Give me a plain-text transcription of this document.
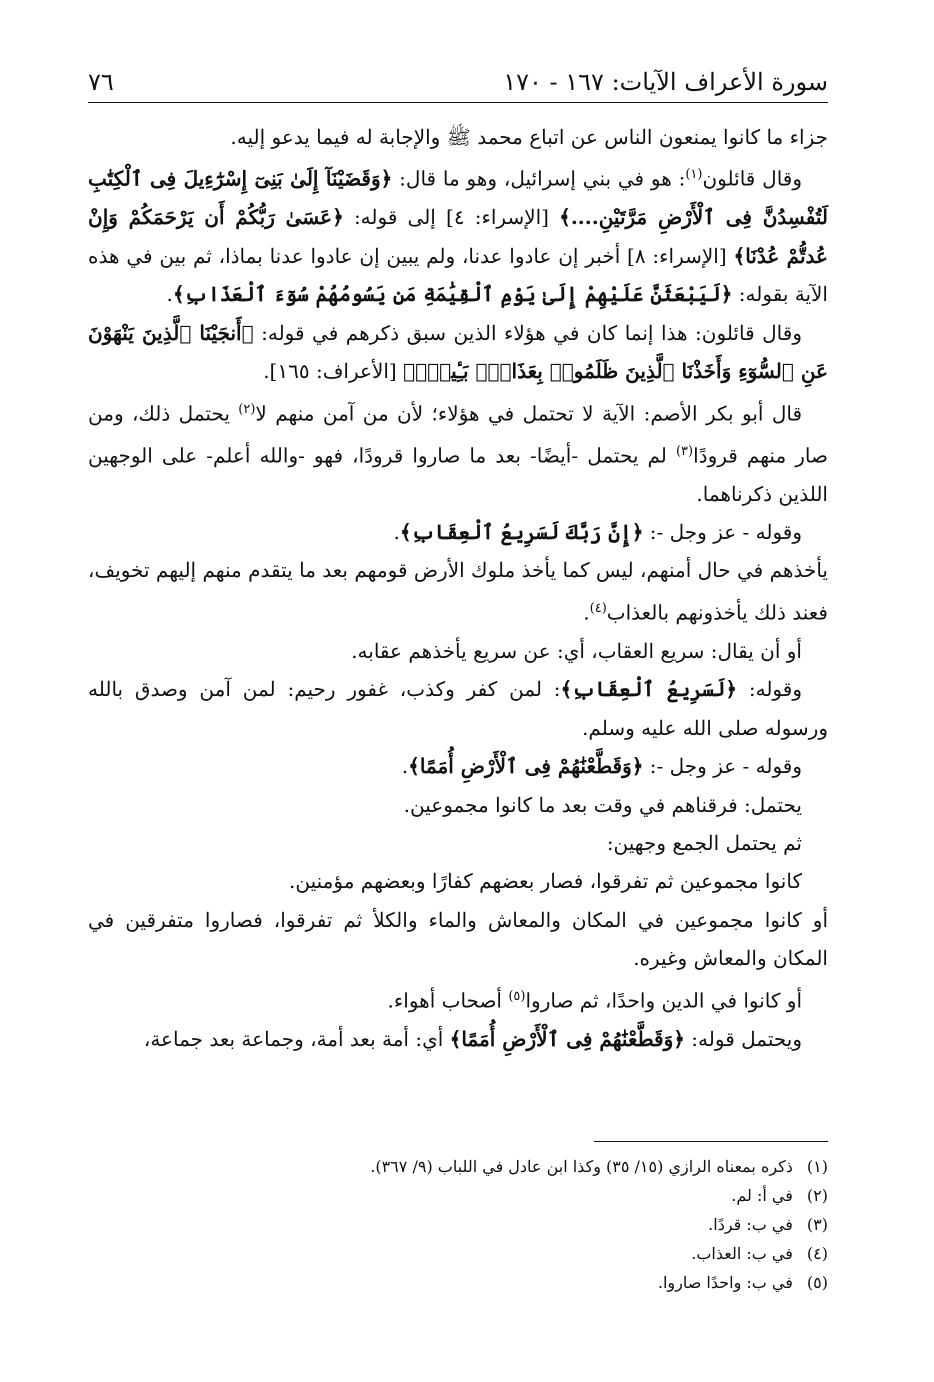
سورة الأعراف الآيات: ١٦٧ - ١٧٠
٧٦

جزاء ما كانوا يمنعون الناس عن اتباع محمد ﷺ والإجابة له فيما يدعو إليه.

وقال قائلون$^{(١)}$: هو في بني إسرائيل، وهو ما قال: ﴿وَقَضَيْنَآ إِلَىٰ بَنِىٓ إِسْرَٰٓءِيلَ فِى ٱلْكِتَٰبِ لَتُفْسِدُنَّ فِى ٱلْأَرْضِ مَرَّتَيْنِ....﴾ [الإسراء: ٤] إلى قوله: ﴿عَسَىٰ رَبُّكُمْ أَن يَرْحَمَكُمْ وَإِنْ عُدتُّمْ عُدْنَا﴾ [الإسراء: ٨] أخبر إن عادوا عدنا، ولم يبين إن عادوا عدنا بماذا، ثم بين في هذه الآية بقوله: ﴿لَيَبْعَثَنَّ عَلَيْهِمْ إِلَىٰ يَوْمِ ٱلْقِيَٰمَةِ مَن يَسُومُهُمْ سُوٓءَ ٱلْعَذَابِ﴾.

وقال قائلون: هذا إنما كان في هؤلاء الذين سبق ذكرهم في قوله: ﴿أَنجَيْنَا ٱلَّذِينَ يَنْهَوْنَ عَنِ ٱلسُّوٓءِ وَأَخَذْنَا ٱلَّذِينَ ظَلَمُوا۟ بِعَذَابٍۭ بَـِٔيسٍۭ﴾ [الأعراف: ١٦٥].

قال أبو بكر الأصم: الآية لا تحتمل في هؤلاء؛ لأن من آمن منهم لا$^{(٢)}$ يحتمل ذلك، ومن صار منهم قرودًا$^{(٣)}$ لم يحتمل -أيضًا- بعد ما صاروا قرودًا، فهو -والله أعلم- على الوجهين اللذين ذكرناهما.

وقوله - عز وجل -: ﴿إِنَّ رَبَّكَ لَسَرِيعُ ٱلْعِقَابِ﴾.

يأخذهم في حال أمنهم، ليس كما يأخذ ملوك الأرض قومهم بعد ما يتقدم منهم إليهم تخويف، فعند ذلك يأخذونهم بالعذاب$^{(٤)}$.

أو أن يقال: سريع العقاب، أي: عن سريع يأخذهم عقابه.

وقوله: ﴿لَسَرِيعُ ٱلْعِقَابِ﴾: لمن كفر وكذب، غفور رحيم: لمن آمن وصدق بالله ورسوله صلى الله عليه وسلم.

وقوله - عز وجل -: ﴿وَقَطَّعْنَٰهُمْ فِى ٱلْأَرْضِ أُمَمًا﴾.

يحتمل: فرقناهم في وقت بعد ما كانوا مجموعين.

ثم يحتمل الجمع وجهين:

كانوا مجموعين ثم تفرقوا، فصار بعضهم كفارًا وبعضهم مؤمنين.

أو كانوا مجموعين في المكان والمعاش والماء والكلأ ثم تفرقوا، فصاروا متفرقين في المكان والمعاش وغيره.

أو كانوا في الدين واحدًا، ثم صاروا$^{(٥)}$ أصحاب أهواء.

ويحتمل قوله: ﴿وَقَطَّعْنَٰهُمْ فِى ٱلْأَرْضِ أُمَمًا﴾ أي: أمة بعد أمة، وجماعة بعد جماعة،

(١) ذكره بمعناه الرازي (١٥/ ٣٥) وكذا ابن عادل في اللباب (٩/ ٣٦٧).
(٢) في أ: لم.
(٣) في ب: قردًا.
(٤) في ب: العذاب.
(٥) في ب: واحدًا صاروا.
